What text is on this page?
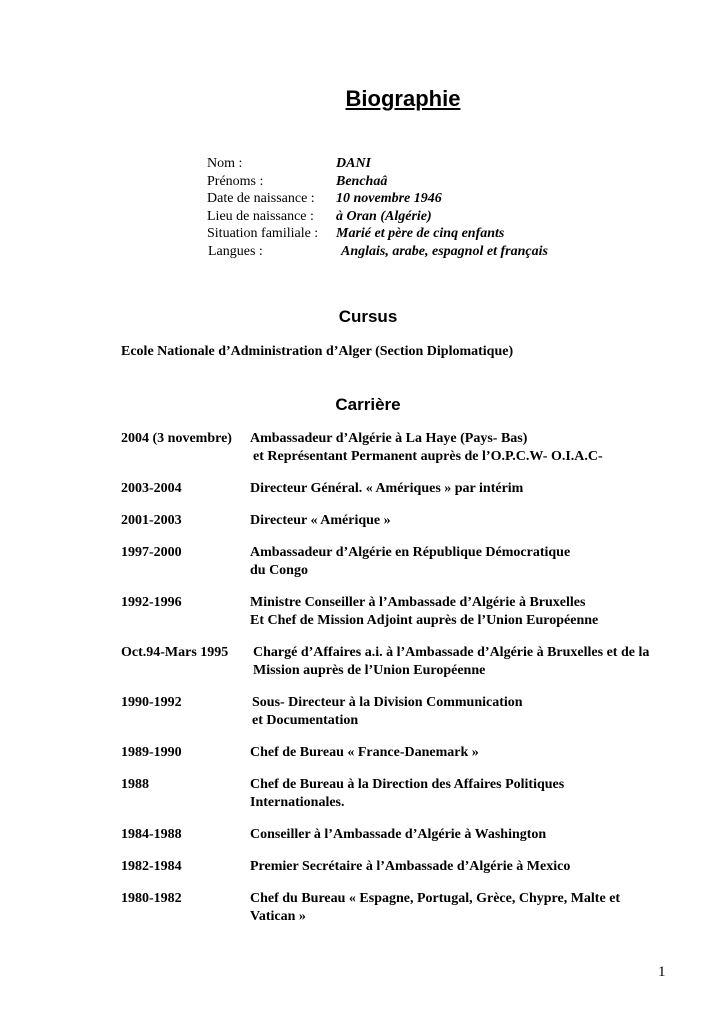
Biographie
Nom :	DANI
Prénoms :	Benchaâ
Date de naissance :	10 novembre 1946
Lieu de naissance :	à Oran (Algérie)
Situation familiale :	Marié et père de cinq enfants
Langues :	Anglais, arabe, espagnol et français
Cursus
Ecole Nationale d’Administration d’Alger (Section Diplomatique)
Carrière
2004 (3 novembre)	Ambassadeur d’Algérie à La Haye (Pays- Bas)
et Représentant Permanent auprès de l’O.P.C.W- O.I.A.C-
2003-2004	Directeur Général. « Amériques » par intérim
2001-2003	Directeur « Amérique »
1997-2000	Ambassadeur d’Algérie en République Démocratique
du Congo
1992-1996	Ministre Conseiller à l’Ambassade d’Algérie à Bruxelles
Et Chef de Mission Adjoint auprès de l’Union Européenne
Oct.94-Mars 1995	Chargé d’Affaires a.i. à l’Ambassade d’Algérie à Bruxelles et de la
Mission auprès de l’Union Européenne
1990-1992	Sous- Directeur à la Division Communication
et Documentation
1989-1990	Chef de Bureau « France-Danemark »
1988	Chef de Bureau à la Direction des Affaires Politiques
Internationales.
1984-1988	Conseiller à l’Ambassade d’Algérie à Washington
1982-1984	Premier Secrétaire à l’Ambassade d’Algérie à Mexico
1980-1982	Chef du Bureau « Espagne, Portugal, Grèce, Chypre, Malte et
Vatican »
1
